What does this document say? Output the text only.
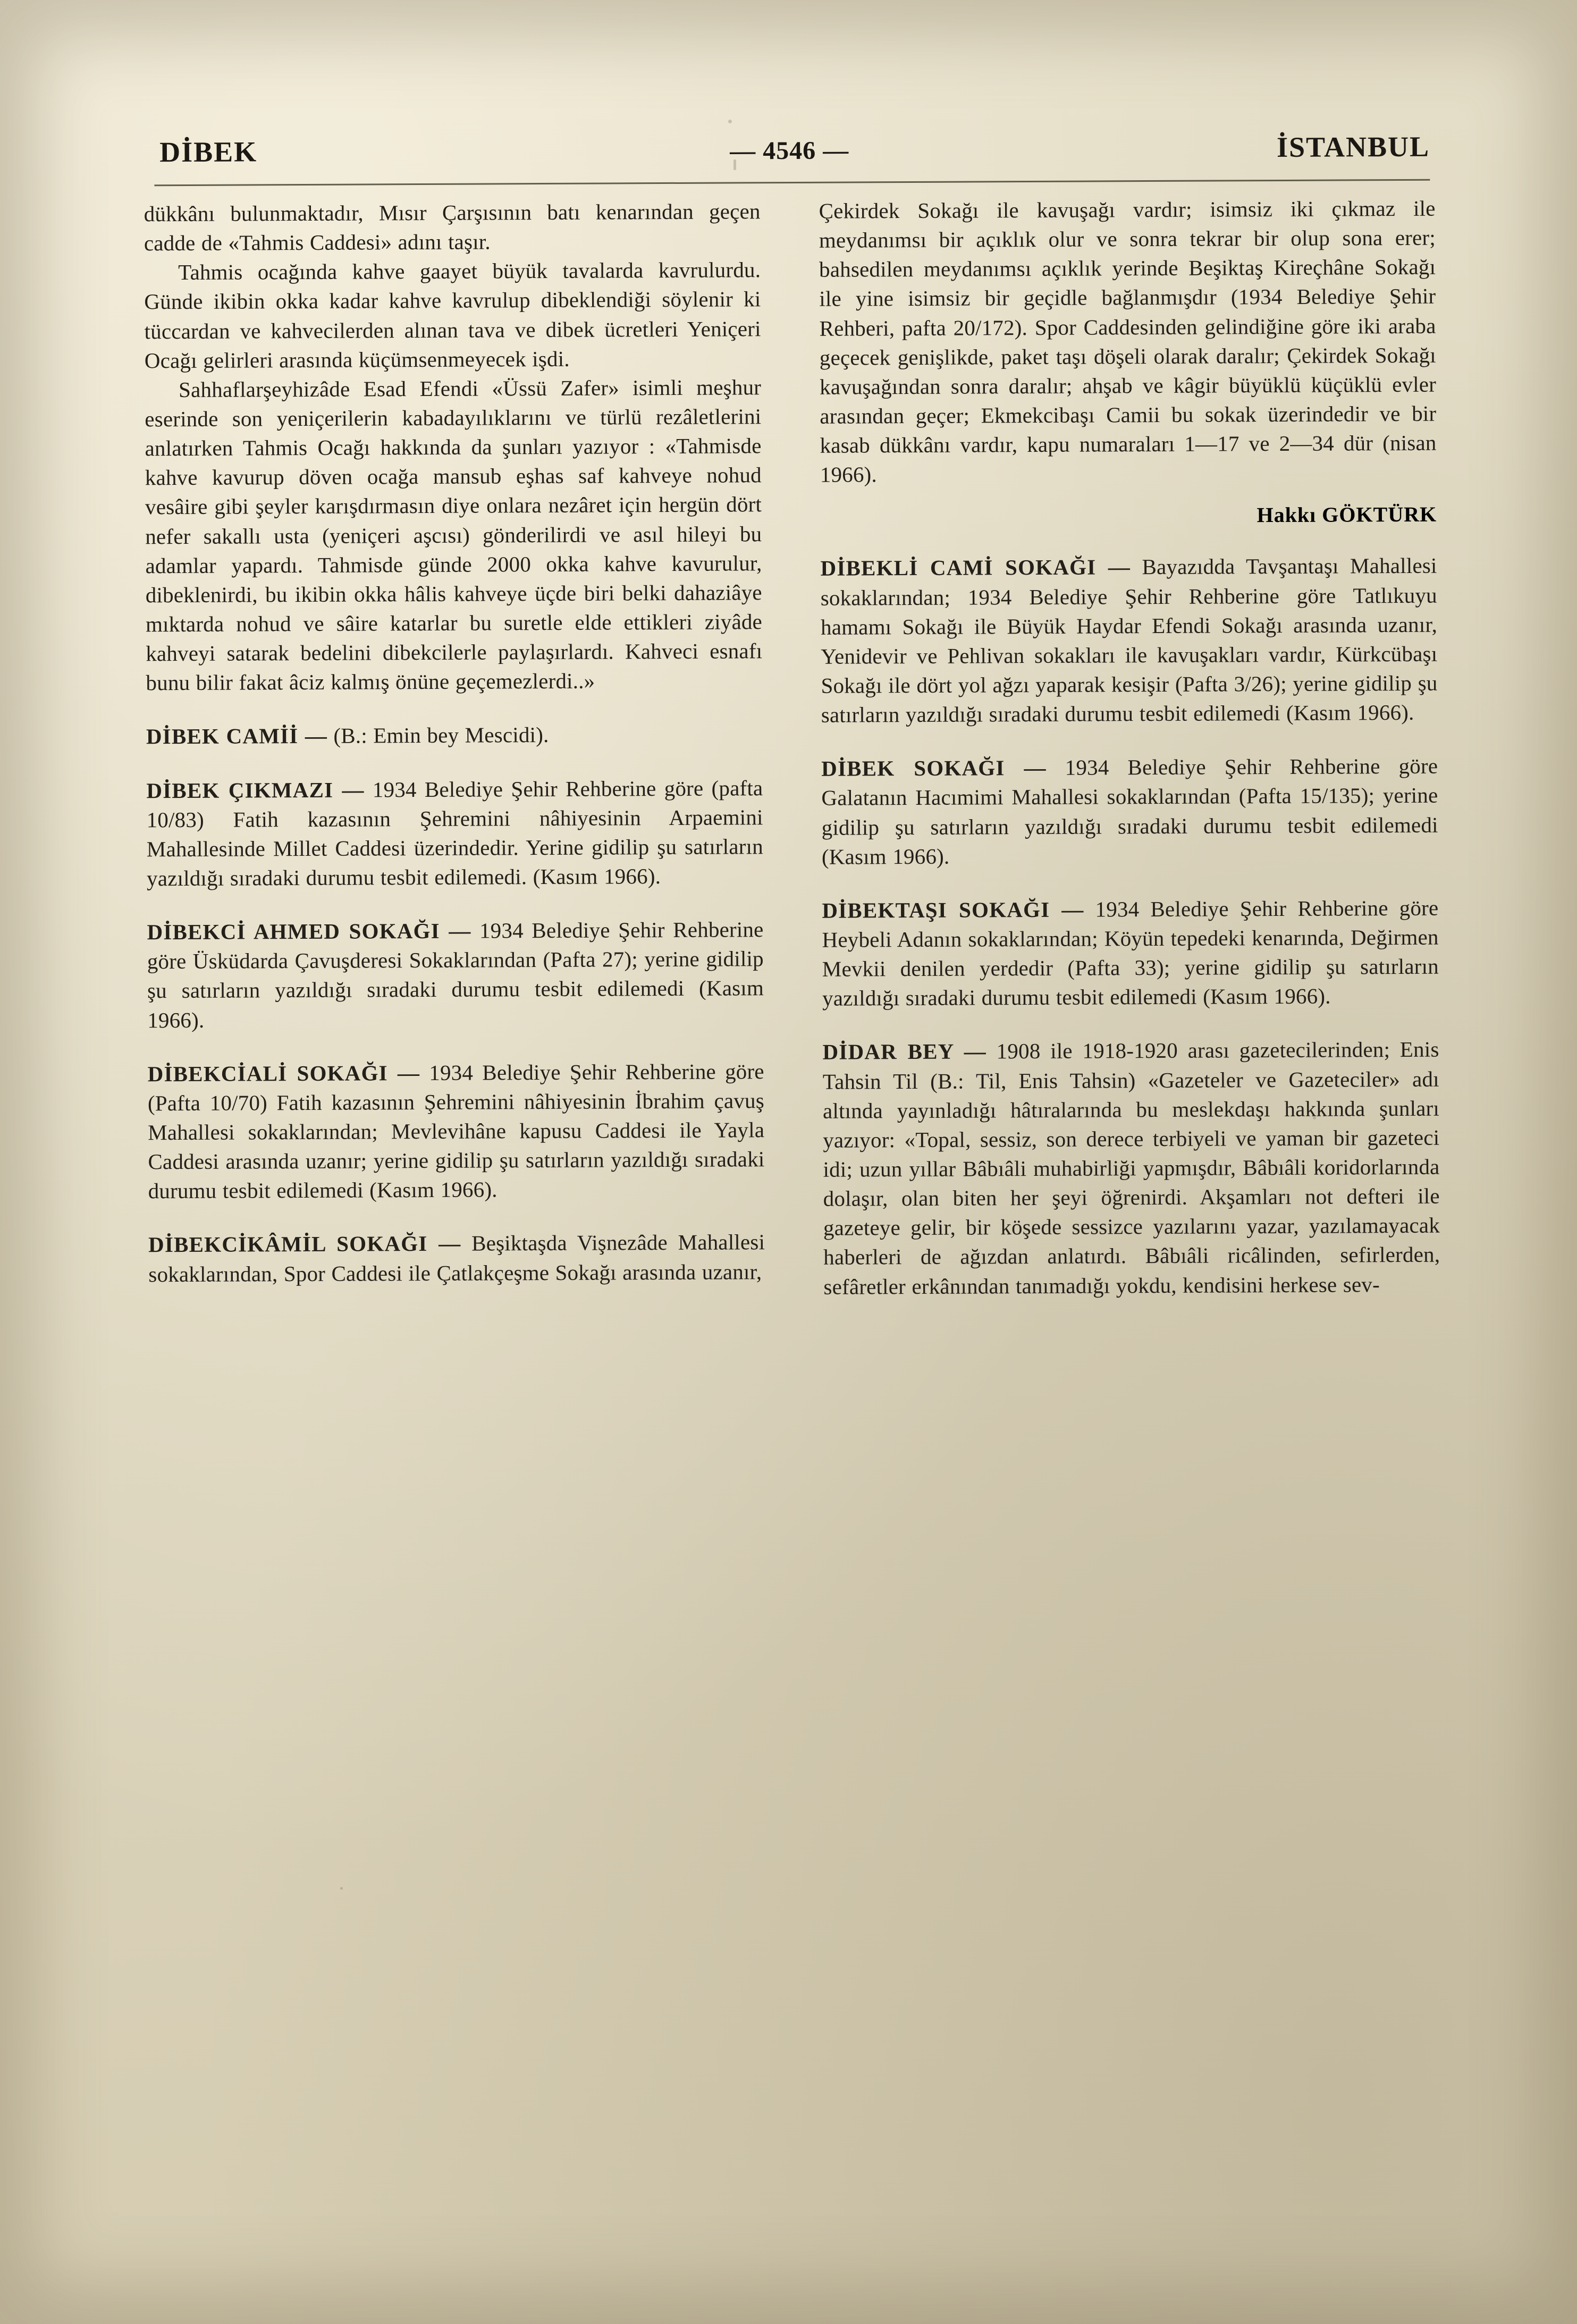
DİBEK	— 4546 —	İSTANBUL

dükkânı bulunmaktadır, Mısır Çarşısının batı kenarından geçen cadde de «Tahmis Caddesi» adını taşır.

Tahmis ocağında kahve gaayet büyük tavalarda kavrulurdu. Günde ikibin okka kadar kahve kavrulup dibeklendiği söylenir ki tüccardan ve kahvecilerden alınan tava ve dibek ücretleri Yeniçeri Ocağı gelirleri arasında küçümsenmeyecek işdi.

Sahhaflarşeyhizâde Esad Efendi «Üssü Zafer» isimli meşhur eserinde son yeniçerilerin kabadayılıklarını ve türlü rezâletlerini anlatırken Tahmis Ocağı hakkında da şunları yazıyor : «Tahmisde kahve kavurup döven ocağa mansub eşhas saf kahveye nohud vesâire gibi şeyler karışdırmasın diye onlara nezâret için hergün dört nefer sakallı usta (yeniçeri aşcısı) gönderilirdi ve asıl hileyi bu adamlar yapardı. Tahmisde günde 2000 okka kahve kavurulur, dibeklenirdi, bu ikibin okka hâlis kahveye üçde biri belki dahaziâye mıktarda nohud ve sâire katarlar bu suretle elde ettikleri ziyâde kahveyi satarak bedelini dibekcilerle paylaşırlardı. Kahveci esnafı bunu bilir fakat âciz kalmış önüne geçemezlerdi..»

DİBEK CAMİİ — (B.: Emin bey Mescidi).

DİBEK ÇIKMAZI — 1934 Belediye Şehir Rehberine göre (pafta 10/83) Fatih kazasının Şehremini nâhiyesinin Arpaemini Mahallesinde Millet Caddesi üzerindedir. Yerine gidilip şu satırların yazıldığı sıradaki durumu tesbit edilemedi. (Kasım 1966).

DİBEKCİ AHMED SOKAĞI — 1934 Belediye Şehir Rehberine göre Üsküdarda Çavuşderesi Sokaklarından (Pafta 27); yerine gidilip şu satırların yazıldığı sıradaki durumu tesbit edilemedi (Kasım 1966).

DİBEKCİALİ SOKAĞI — 1934 Belediye Şehir Rehberine göre (Pafta 10/70) Fatih kazasının Şehremini nâhiyesinin İbrahim çavuş Mahallesi sokaklarından; Mevlevihâne kapusu Caddesi ile Yayla Caddesi arasında uzanır; yerine gidilip şu satırların yazıldığı sıradaki durumu tesbit edilemedi (Kasım 1966).

DİBEKCİKÂMİL SOKAĞI — Beşiktaşda Vişnezâde Mahallesi sokaklarından, Spor Caddesi ile Çatlakçeşme Sokağı arasında uzanır,

Çekirdek Sokağı ile kavuşağı vardır; isimsiz iki çıkmaz ile meydanımsı bir açıklık olur ve sonra tekrar bir olup sona erer; bahsedilen meydanımsı açıklık yerinde Beşiktaş Kireçhâne Sokağı ile yine isimsiz bir geçidle bağlanmışdır (1934 Belediye Şehir Rehberi, pafta 20/172). Spor Caddesinden gelindiğine göre iki araba geçecek genişlikde, paket taşı döşeli olarak daralır; Çekirdek Sokağı kavuşağından sonra daralır; ahşab ve kâgir büyüklü küçüklü evler arasından geçer; Ekmekcibaşı Camii bu sokak üzerindedir ve bir kasab dükkânı vardır, kapu numaraları 1—17 ve 2—34 dür (nisan 1966).

Hakkı GÖKTÜRK

DİBEKLİ CAMİ SOKAĞI — Bayazıdda Tavşantaşı Mahallesi sokaklarından; 1934 Belediye Şehir Rehberine göre Tatlıkuyu hamamı Sokağı ile Büyük Haydar Efendi Sokağı arasında uzanır, Yenidevir ve Pehlivan sokakları ile kavuşakları vardır, Kürkcübaşı Sokağı ile dört yol ağzı yaparak kesişir (Pafta 3/26); yerine gidilip şu satırların yazıldığı sıradaki durumu tesbit edilemedi (Kasım 1966).

DİBEK SOKAĞI — 1934 Belediye Şehir Rehberine göre Galatanın Hacımimi Mahallesi sokaklarından (Pafta 15/135); yerine gidilip şu satırların yazıldığı sıradaki durumu tesbit edilemedi (Kasım 1966).

DİBEKTAŞI SOKAĞI — 1934 Belediye Şehir Rehberine göre Heybeli Adanın sokaklarından; Köyün tepedeki kenarında, Değirmen Mevkii denilen yerdedir (Pafta 33); yerine gidilip şu satırların yazıldığı sıradaki durumu tesbit edilemedi (Kasım 1966).

DİDAR BEY — 1908 ile 1918-1920 arası gazetecilerinden; Enis Tahsin Til (B.: Til, Enis Tahsin) «Gazeteler ve Gazeteciler» adı altında yayınladığı hâtıralarında bu meslekdaşı hakkında şunları yazıyor: «Topal, sessiz, son derece terbiyeli ve yaman bir gazeteci idi; uzun yıllar Bâbıâli muhabirliği yapmışdır, Bâbıâli koridorlarında dolaşır, olan biten her şeyi öğrenirdi. Akşamları not defteri ile gazeteye gelir, bir köşede sessizce yazılarını yazar, yazılamayacak haberleri de ağızdan anlatırdı. Bâbıâli ricâlinden, sefirlerden, sefâretler erkânından tanımadığı yokdu, kendisini herkese sev-
